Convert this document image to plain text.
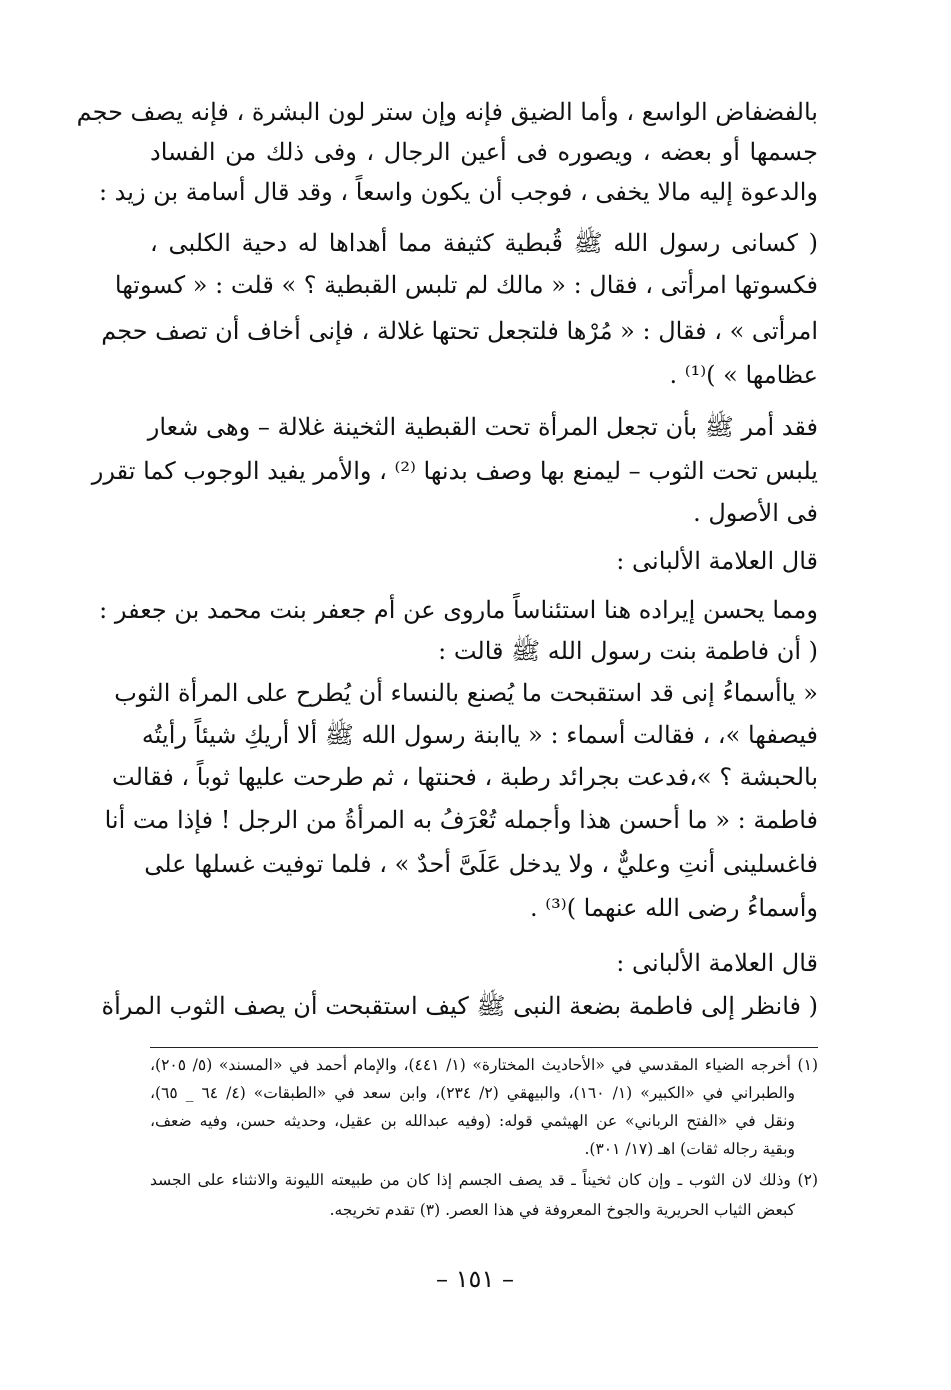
بالفضفاض الواسع ، وأما الضيق فإنه وإن ستر لون البشرة ، فإنه يصف حجم
جسمها أو بعضه ، ويصوره فى أعين الرجال ، وفى ذلك من الفساد
والدعوة إليه مالا يخفى ، فوجب أن يكون واسعاً ، وقد قال أسامة بن زيد :
( كسانى رسول الله ﷺ قُبطية كثيفة مما أهداها له دحية الكلبى ،
فكسوتها امرأتى ، فقال : « مالك لم تلبس القبطية ؟ » قلت : « كسوتها
امرأتى » ، فقال : « مُرْها فلتجعل تحتها غلالة ، فإنى أخاف أن تصف حجم
عظامها » )⁽¹⁾ .
فقد أمر ﷺ بأن تجعل المرأة تحت القبطية الثخينة غلالة – وهى شعار
يلبس تحت الثوب – ليمنع بها وصف بدنها ⁽²⁾ ، والأمر يفيد الوجوب كما تقرر
فى الأصول .
قال العلامة الألبانى :
ومما يحسن إيراده هنا استئناساً ماروى عن أم جعفر بنت محمد بن جعفر :
( أن فاطمة بنت رسول الله ﷺ قالت :
« ياأسماءُ إنى قد استقبحت ما يُصنع بالنساء أن يُطرح على المرأة الثوب
فيصفها »، ، فقالت أسماء : « ياابنة رسول الله ﷺ ألا أريكِ شيئاً رأيتُه
بالحبشة ؟ »،فدعت بجرائد رطبة ، فحنتها ، ثم طرحت عليها ثوباً ، فقالت
فاطمة : « ما أحسن هذا وأجمله تُعْرَفُ به المرأةُ من الرجل ! فإذا مت أنا
فاغسلينى أنتِ وعليٌّ ، ولا يدخل عَلَىَّ أحدٌ » ، فلما توفيت غسلها على
وأسماءُ رضى الله عنهما )⁽³⁾ .
قال العلامة الألبانى :
( فانظر إلى فاطمة بضعة النبى ﷺ كيف استقبحت أن يصف الثوب المرأة
(١) أخرجه الضياء المقدسي في «الأحاديث المختارة» (١/ ٤٤١)، والإمام أحمد في «المسند» (٥/ ٢٠٥)،
والطبراني في «الكبير» (١/ ١٦٠)، والبيهقي (٢/ ٢٣٤)، وابن سعد في «الطبقات» (٤/ ٦٤ _ ٦٥)،
ونقل في «الفتح الرباني» عن الهيثمي قوله: (وفيه عبدالله بن عقيل، وحديثه حسن، وفيه ضعف،
وبقية رجاله ثقات) اهـ (١٧/ ٣٠١).
(٢) وذلك لان الثوب ـ وإن كان ثخيناً ـ قد يصف الجسم إذا كان من طبيعته الليونة والانثناء على الجسد
كبعض الثياب الحريرية والجوخ المعروفة في هذا العصر. (٣) تقدم تخريجه.
– ١٥١ –
